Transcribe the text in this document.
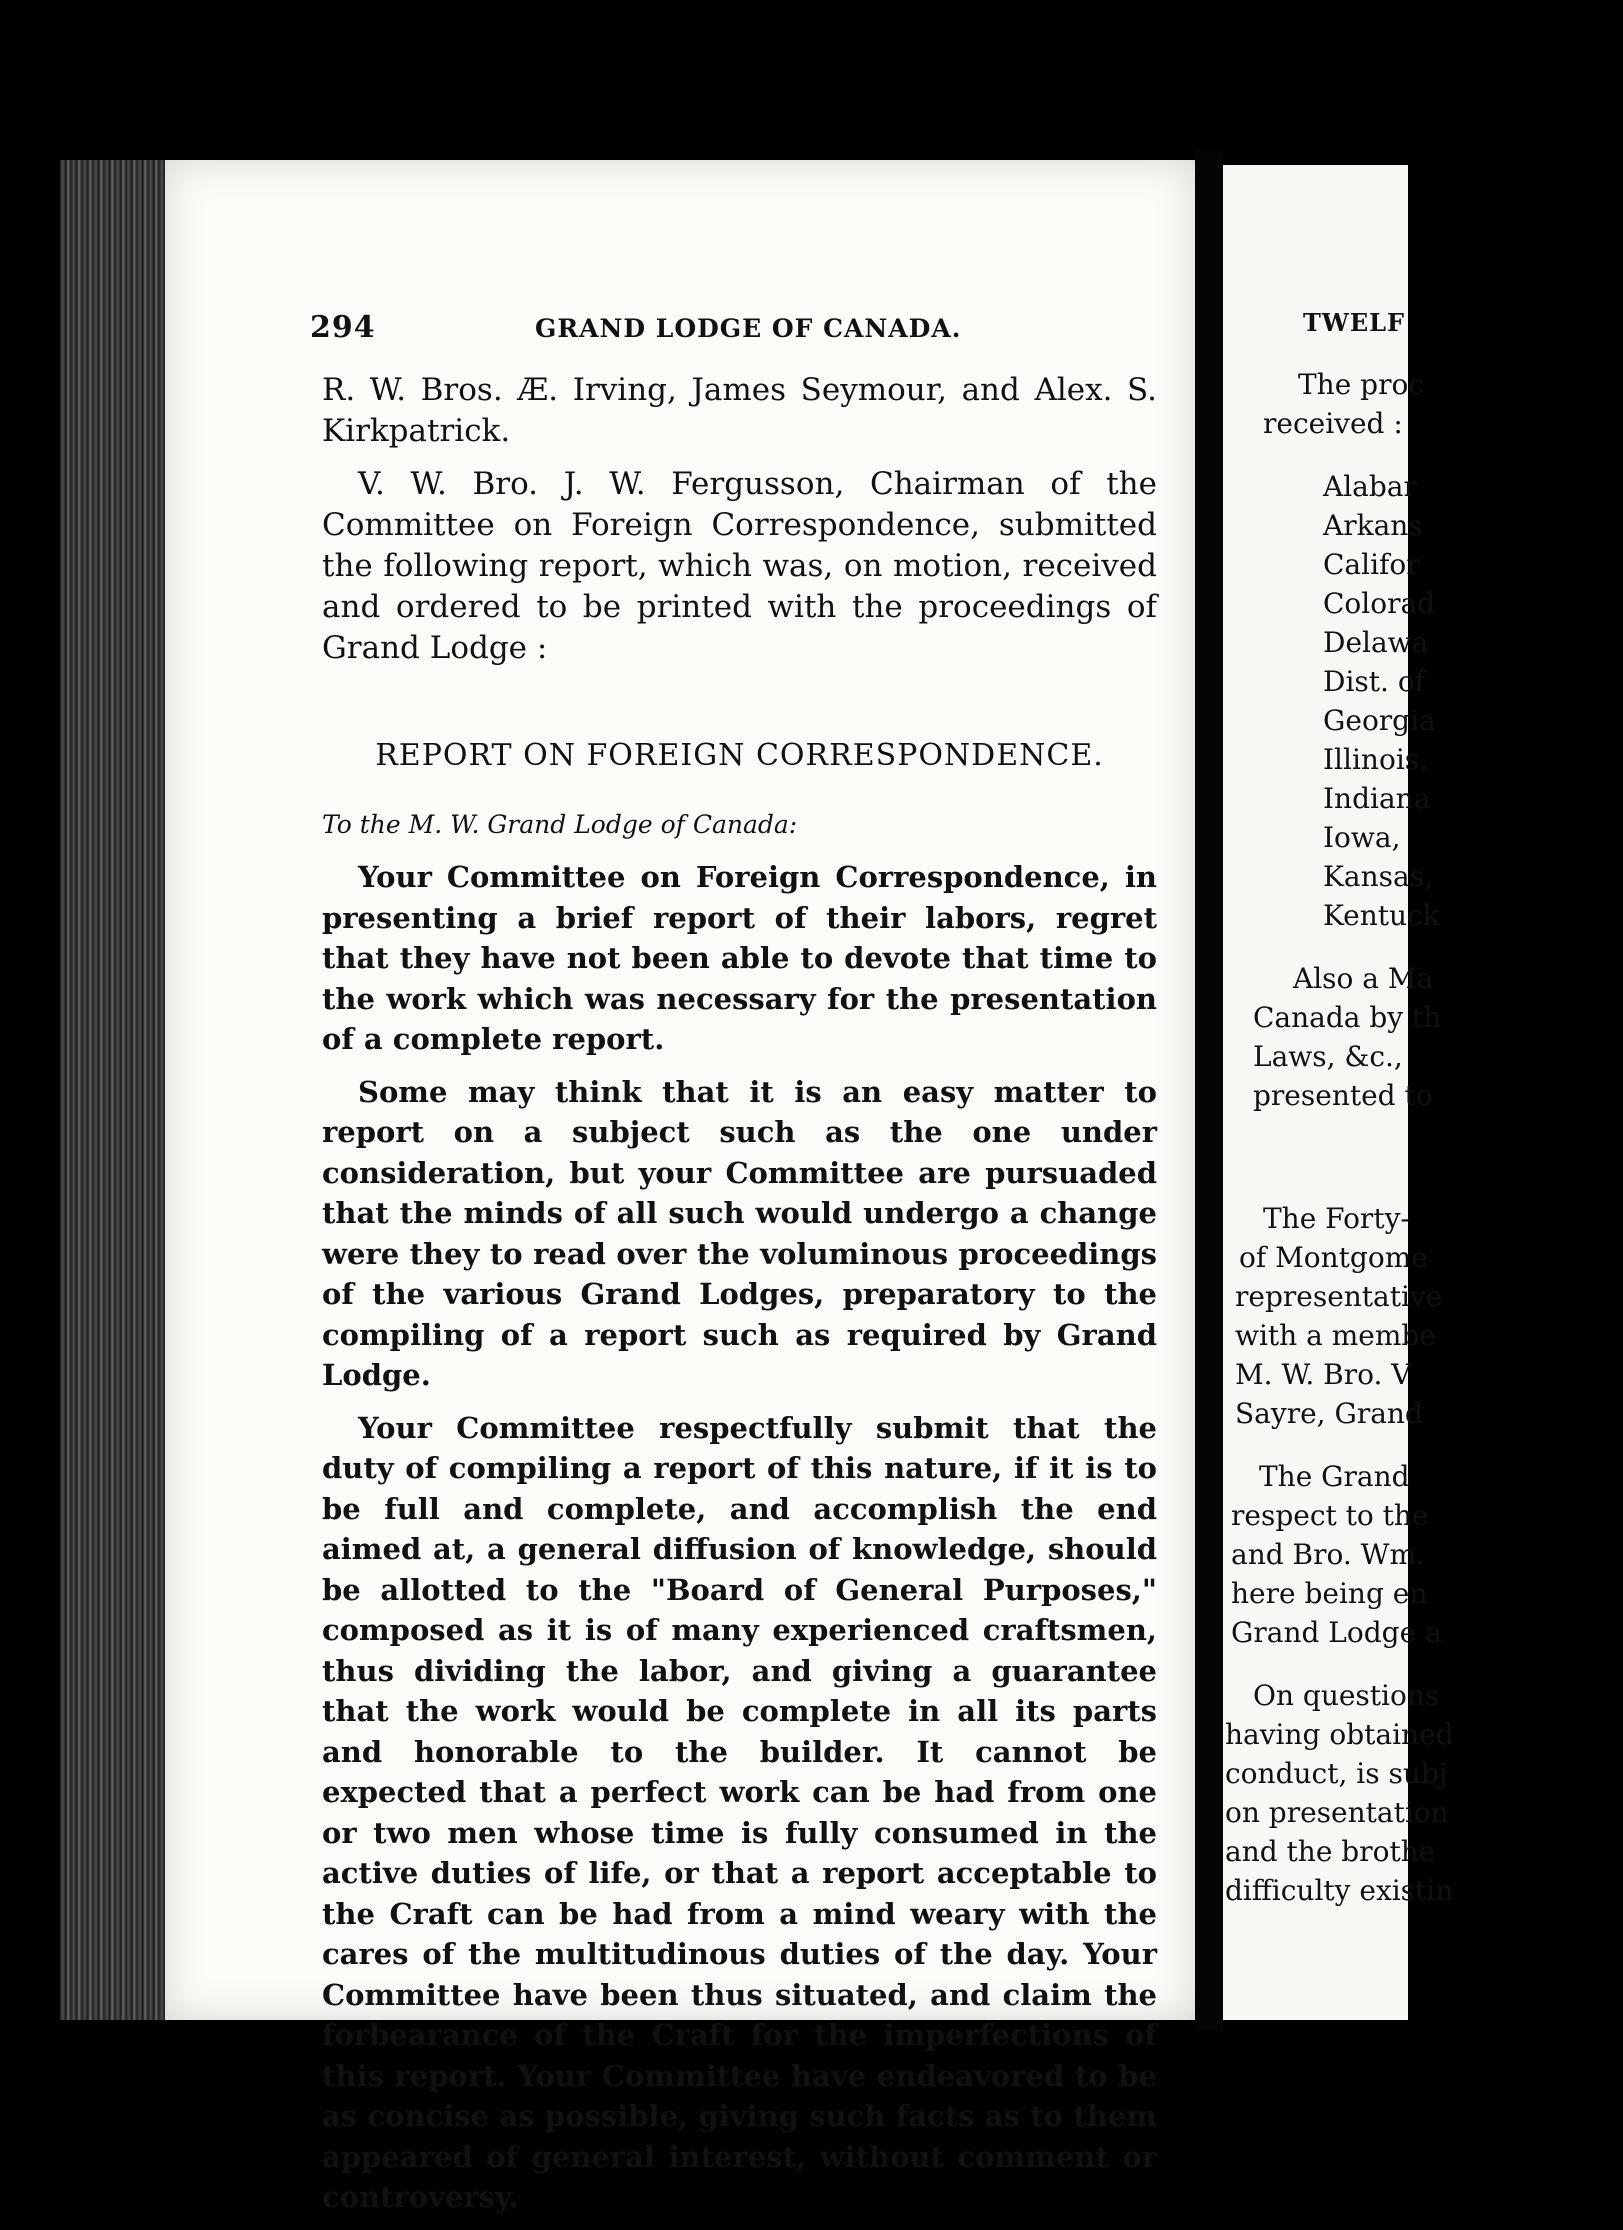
294	GRAND LODGE OF CANADA.

R. W. Bros. Æ. Irving, James Seymour, and Alex. S. Kirkpatrick.

V. W. Bro. J. W. Fergusson, Chairman of the Committee on Foreign Correspondence, submitted the following report, which was, on motion, received and ordered to be printed with the proceedings of Grand Lodge :

REPORT ON FOREIGN CORRESPONDENCE.

To the M. W. Grand Lodge of Canada:

Your Committee on Foreign Correspondence, in presenting a brief report of their labors, regret that they have not been able to devote that time to the work which was necessary for the presentation of a complete report.

Some may think that it is an easy matter to report on a subject such as the one under consideration, but your Committee are pursuaded that the minds of all such would undergo a change were they to read over the voluminous proceedings of the various Grand Lodges, preparatory to the compiling of a report such as required by Grand Lodge.

Your Committee respectfully submit that the duty of compiling a report of this nature, if it is to be full and complete, and accomplish the end aimed at, a general diffusion of knowledge, should be allotted to the "Board of General Purposes," composed as it is of many experienced craftsmen, thus dividing the labor, and giving a guarantee that the work would be complete in all its parts and honorable to the builder. It cannot be expected that a perfect work can be had from one or two men whose time is fully consumed in the active duties of life, or that a report acceptable to the Craft can be had from a mind weary with the cares of the multitudinous duties of the day. Your Committee have been thus situated, and claim the forbearance of the Craft for the imperfections of this report. Your Committee have endeavored to be as concise as possible, giving such facts as to them appeared of general interest, without comment or controversy.

TWELF
The proc
received :
Alabar
Arkans
Califor
Colorad
Delawa
Dist. of
Georgia
Illinois,
Indiana
Iowa,
Kansas,
Kentuck
Also a Ma
Canada by th
Laws, &c.,
presented to
The Forty-
of Montgome
representative
with a membe
M. W. Bro. V
Sayre, Grand
The Grand
respect to the
and Bro. Wm.
here being en
Grand Lodge a
On questions
having obtained
conduct, is subj
on presentation
and the brothe
difficulty existin
